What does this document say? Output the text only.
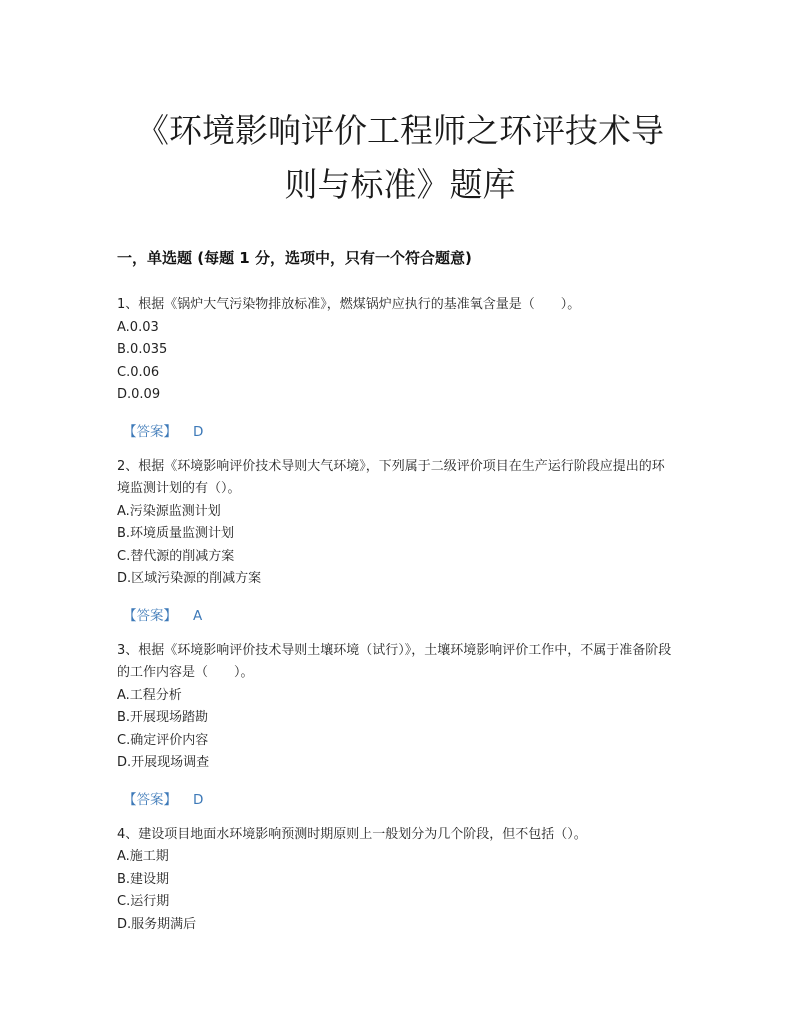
《环境影响评价工程师之环评技术导
则与标准》题库
一，单选题 (每题 1 分，选项中，只有一个符合题意)

1、根据《锅炉大气污染物排放标准》，燃煤锅炉应执行的基准氧含量是（　　）。

A.0.03

B.0.035

C.0.06

D.0.09

【答案】 D

2、根据《环境影响评价技术导则大气环境》，下列属于二级评价项目在生产运行阶段应提出的环境监测计划的有（）。

A.污染源监测计划

B.环境质量监测计划

C.替代源的削减方案

D.区域污染源的削减方案

【答案】 A

3、根据《环境影响评价技术导则土壤环境（试行）》，土壤环境影响评价工作中，不属于准备阶段的工作内容是（　　）。

A.工程分析

B.开展现场踏勘

C.确定评价内容

D.开展现场调查

【答案】 D

4、建设项目地面水环境影响预测时期原则上一般划分为几个阶段，但不包括（）。

A.施工期

B.建设期

C.运行期

D.服务期满后
